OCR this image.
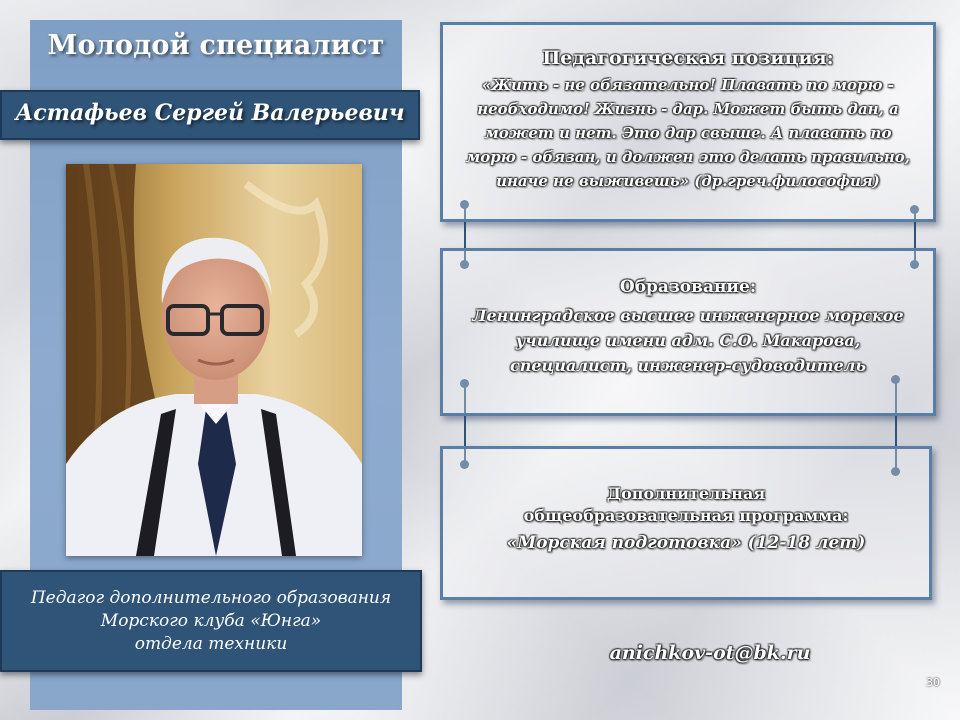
Молодой специалист
Астафьев Сергей Валерьевич
Педагог дополнительного образования
Морского клуба «Юнга»
отдела техники
Педагогическая позиция:
«Жить - не обязательно! Плавать по морю -
необходимо! Жизнь - дар. Может быть дан, а
может и нет. Это дар свыше. А плавать по
морю - обязан, и должен это делать правильно,
иначе не выживешь» (др.греч.философия)
Образование:
Ленинградское высшее инженерное морское
училище имени адм. С.О. Макарова,
специалист, инженер-судоводитель
Дополнительная
общеобразовательная программа:
«Морская подготовка» (12-18 лет)
anichkov-ot@bk.ru
30
